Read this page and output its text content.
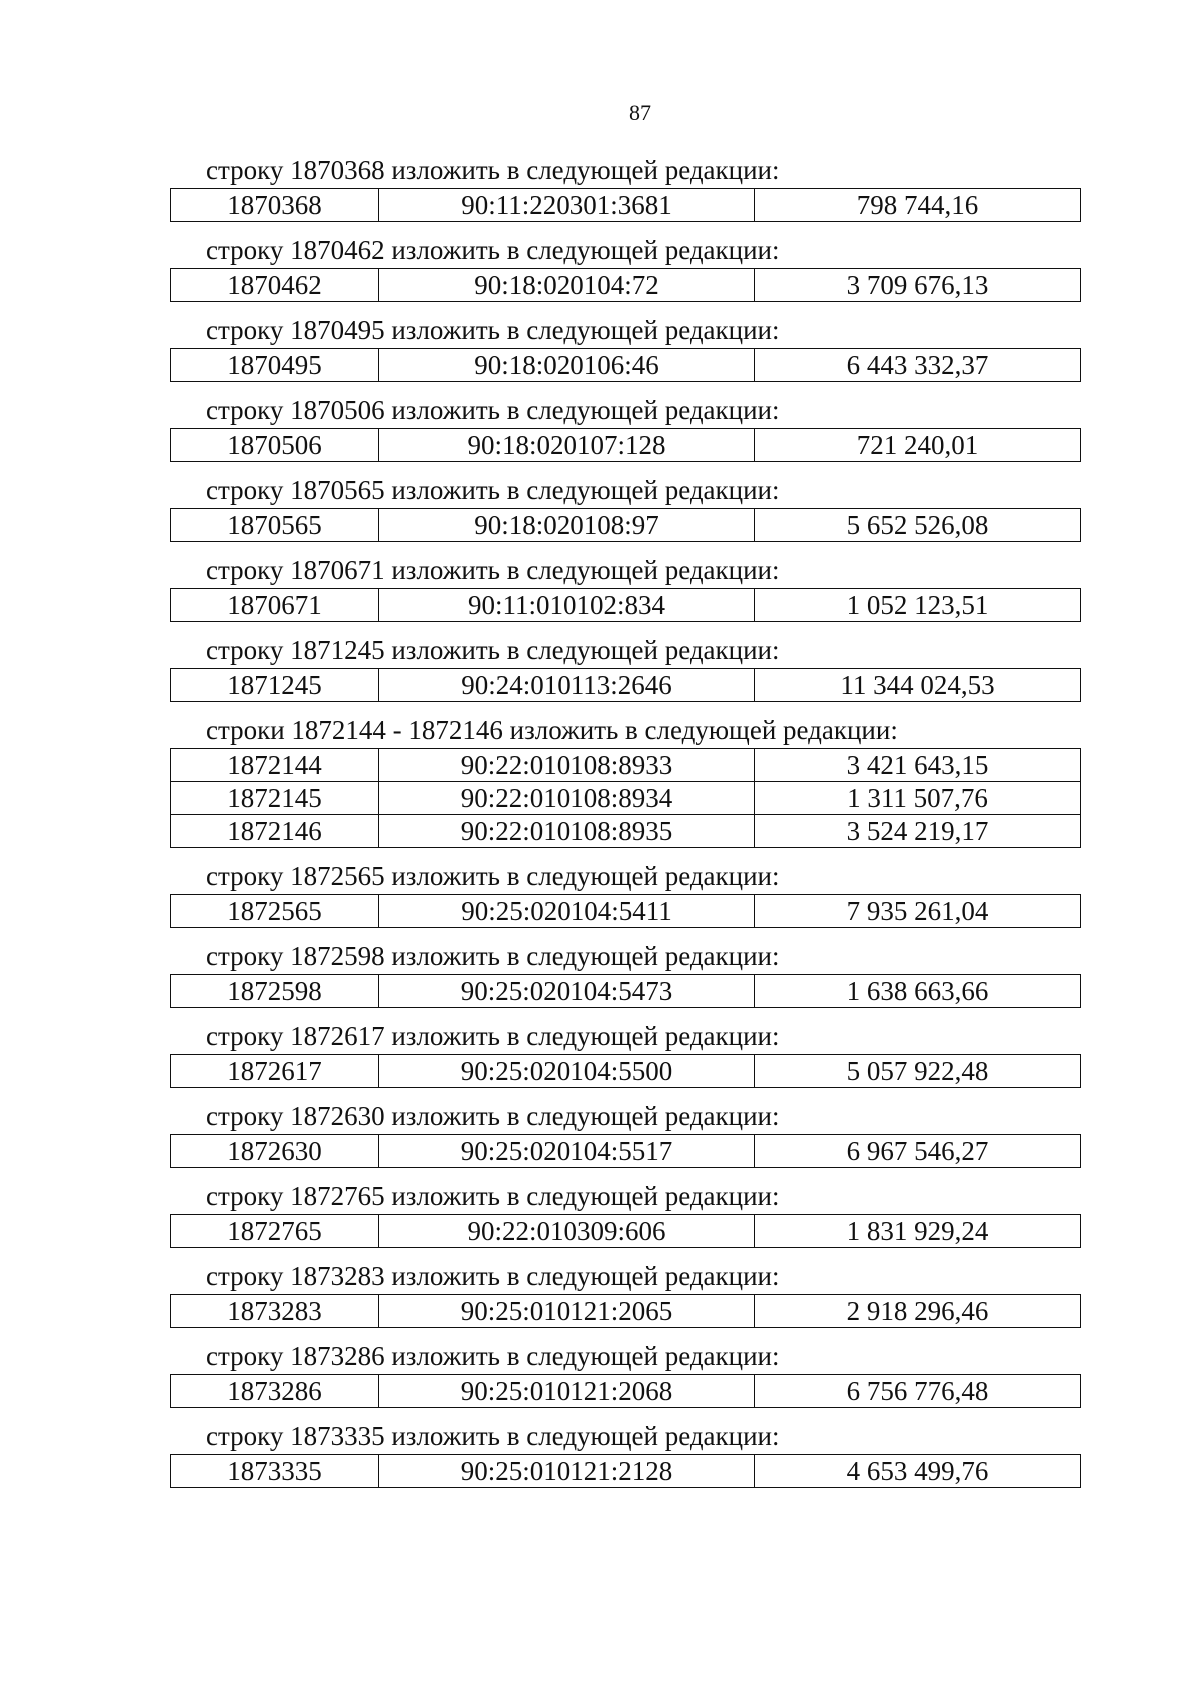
87
строку 1870368 изложить в следующей редакции:
1870368	90:11:220301:3681	798 744,16
строку 1870462 изложить в следующей редакции:
1870462	90:18:020104:72	3 709 676,13
строку 1870495 изложить в следующей редакции:
1870495	90:18:020106:46	6 443 332,37
строку 1870506 изложить в следующей редакции:
1870506	90:18:020107:128	721 240,01
строку 1870565 изложить в следующей редакции:
1870565	90:18:020108:97	5 652 526,08
строку 1870671 изложить в следующей редакции:
1870671	90:11:010102:834	1 052 123,51
строку 1871245 изложить в следующей редакции:
1871245	90:24:010113:2646	11 344 024,53
строки 1872144 - 1872146 изложить в следующей редакции:
1872144	90:22:010108:8933	3 421 643,15
1872145	90:22:010108:8934	1 311 507,76
1872146	90:22:010108:8935	3 524 219,17
строку 1872565 изложить в следующей редакции:
1872565	90:25:020104:5411	7 935 261,04
строку 1872598 изложить в следующей редакции:
1872598	90:25:020104:5473	1 638 663,66
строку 1872617 изложить в следующей редакции:
1872617	90:25:020104:5500	5 057 922,48
строку 1872630 изложить в следующей редакции:
1872630	90:25:020104:5517	6 967 546,27
строку 1872765 изложить в следующей редакции:
1872765	90:22:010309:606	1 831 929,24
строку 1873283 изложить в следующей редакции:
1873283	90:25:010121:2065	2 918 296,46
строку 1873286 изложить в следующей редакции:
1873286	90:25:010121:2068	6 756 776,48
строку 1873335 изложить в следующей редакции:
1873335	90:25:010121:2128	4 653 499,76
